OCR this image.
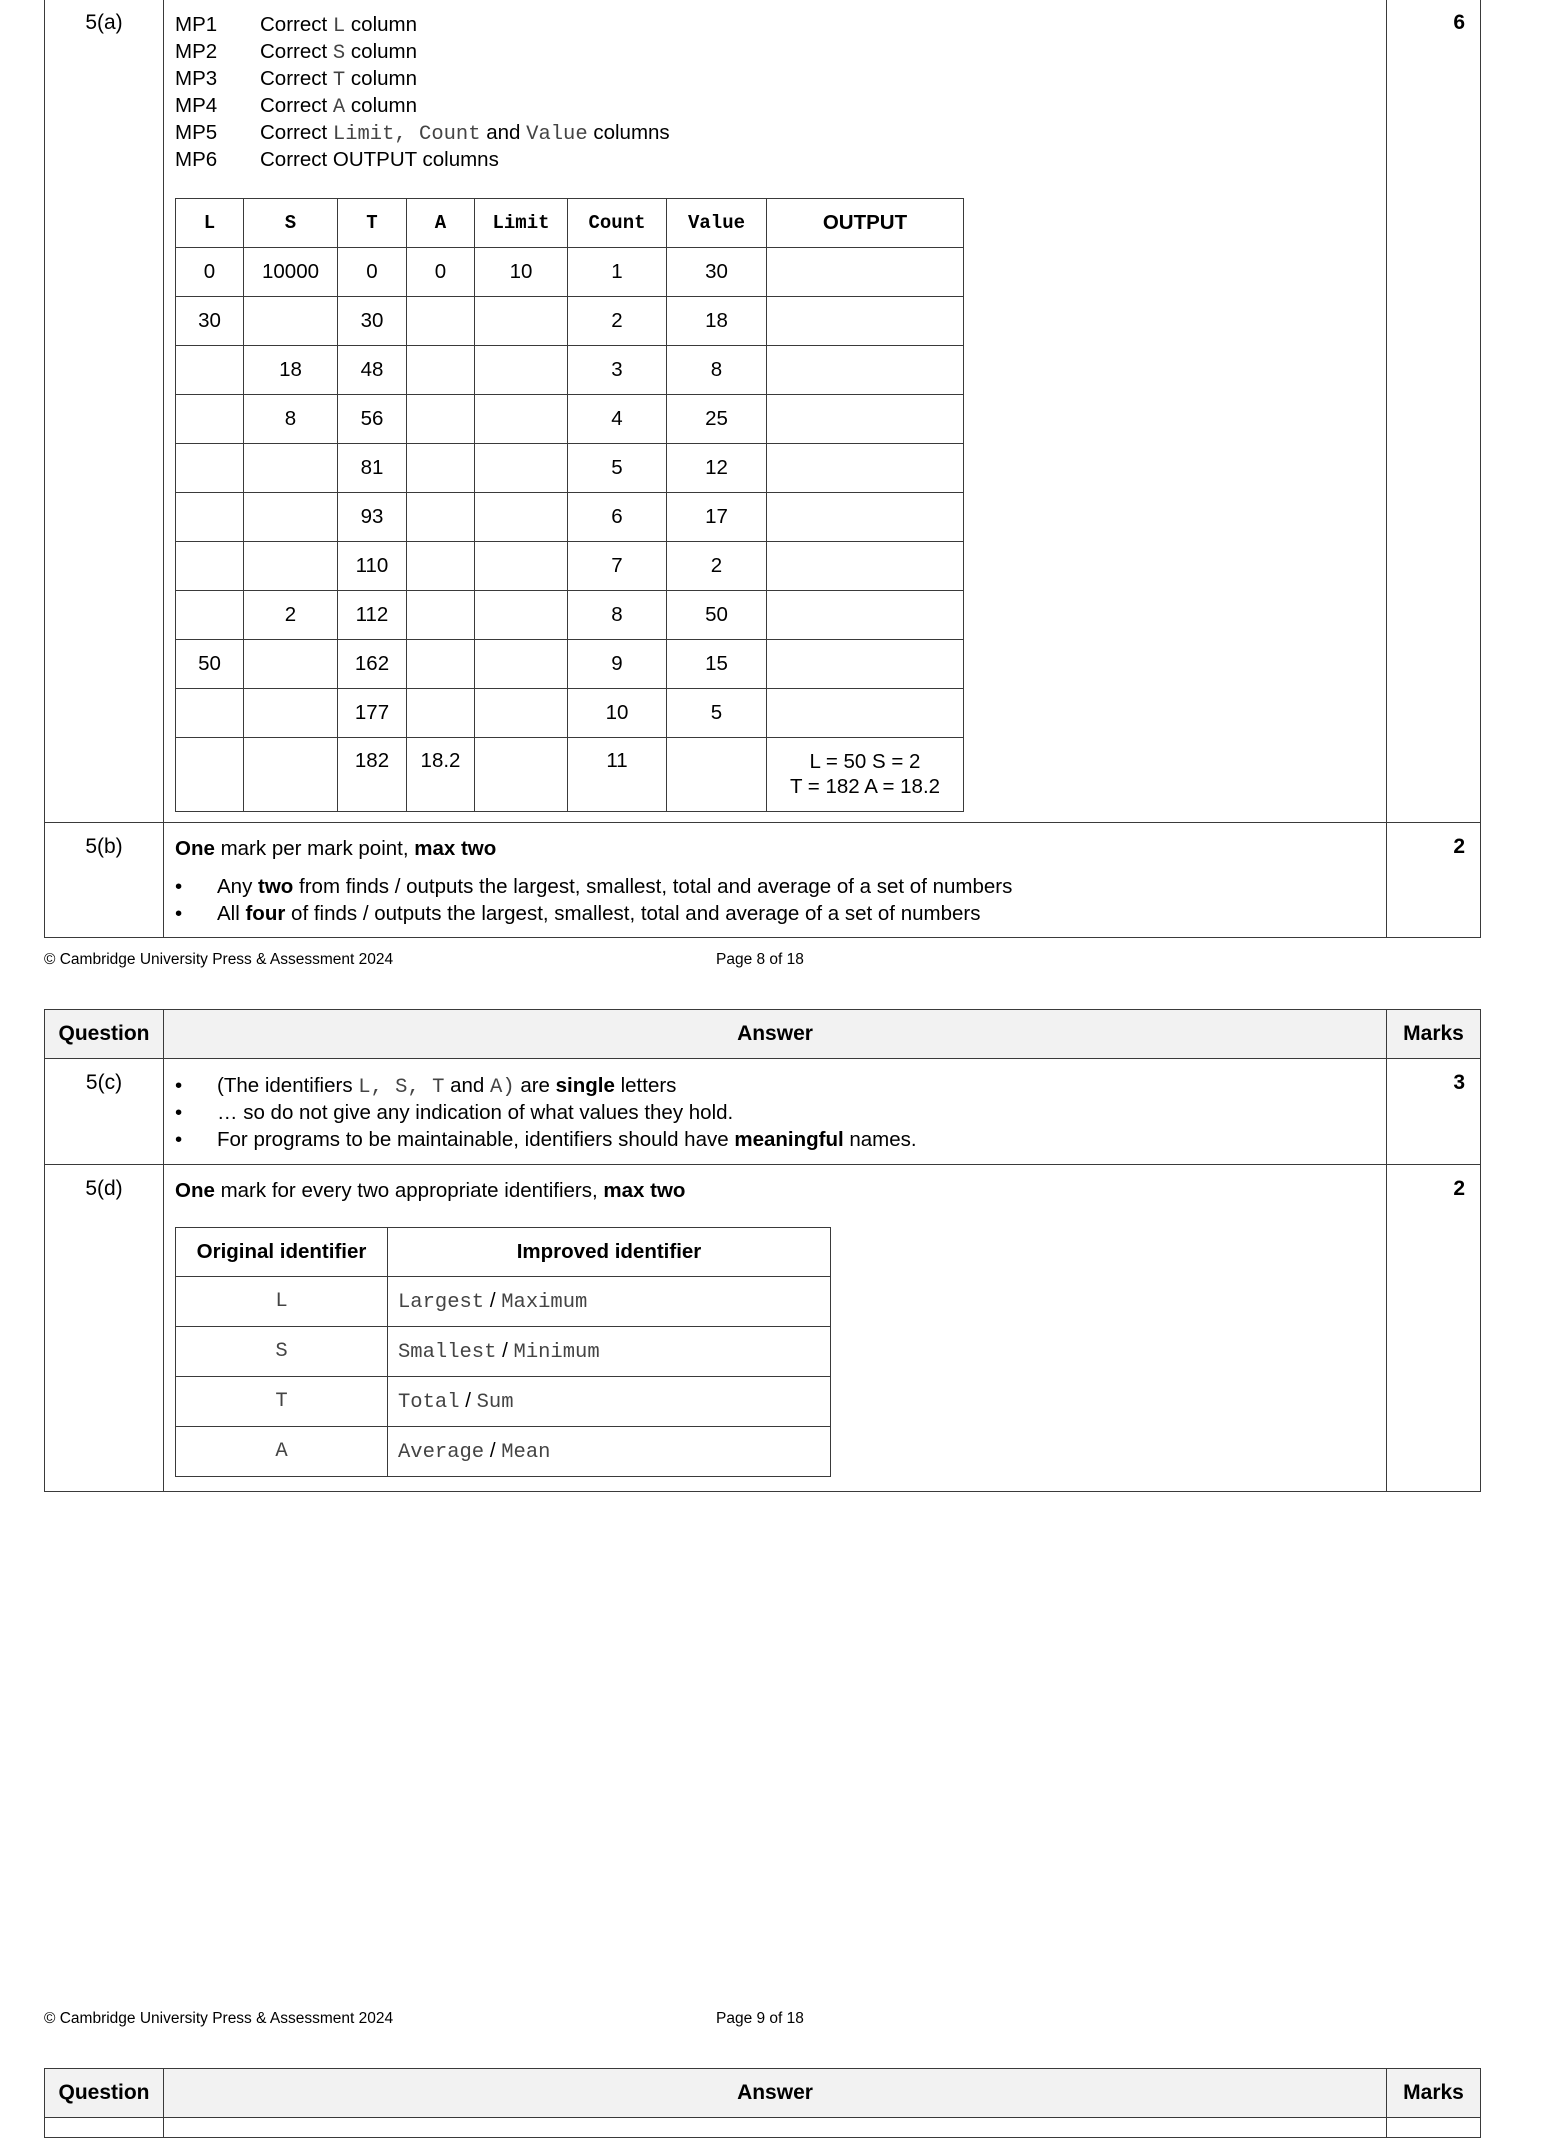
5(a)	6
MP1 Correct L column
MP2 Correct S column
MP3 Correct T column
MP4 Correct A column
MP5 Correct Limit, Count and Value columns
MP6 Correct OUTPUT columns
L	S	T	A	Limit	Count	Value	OUTPUT
0	10000	0	0	10	1	30	
30		30			2	18	
	18	48			3	8	
	8	56			4	25	
		81			5	12	
		93			6	17	
		110			7	2	
	2	112			8	50	
50		162			9	15	
		177			10	5	
		182	18.2		11		L = 50 S = 2
T = 182 A = 18.2
5(b)	2
One mark per mark point, max two
• Any two from finds / outputs the largest, smallest, total and average of a set of numbers
• All four of finds / outputs the largest, smallest, total and average of a set of numbers
© Cambridge University Press & Assessment 2024	Page 8 of 18
Question	Answer	Marks
5(c)	3
• (The identifiers L, S, T and A) are single letters
• … so do not give any indication of what values they hold.
• For programs to be maintainable, identifiers should have meaningful names.
5(d)	2
One mark for every two appropriate identifiers, max two
Original identifier	Improved identifier
L	Largest / Maximum
S	Smallest / Minimum
T	Total / Sum
A	Average / Mean
© Cambridge University Press & Assessment 2024	Page 9 of 18
Question	Answer	Marks
